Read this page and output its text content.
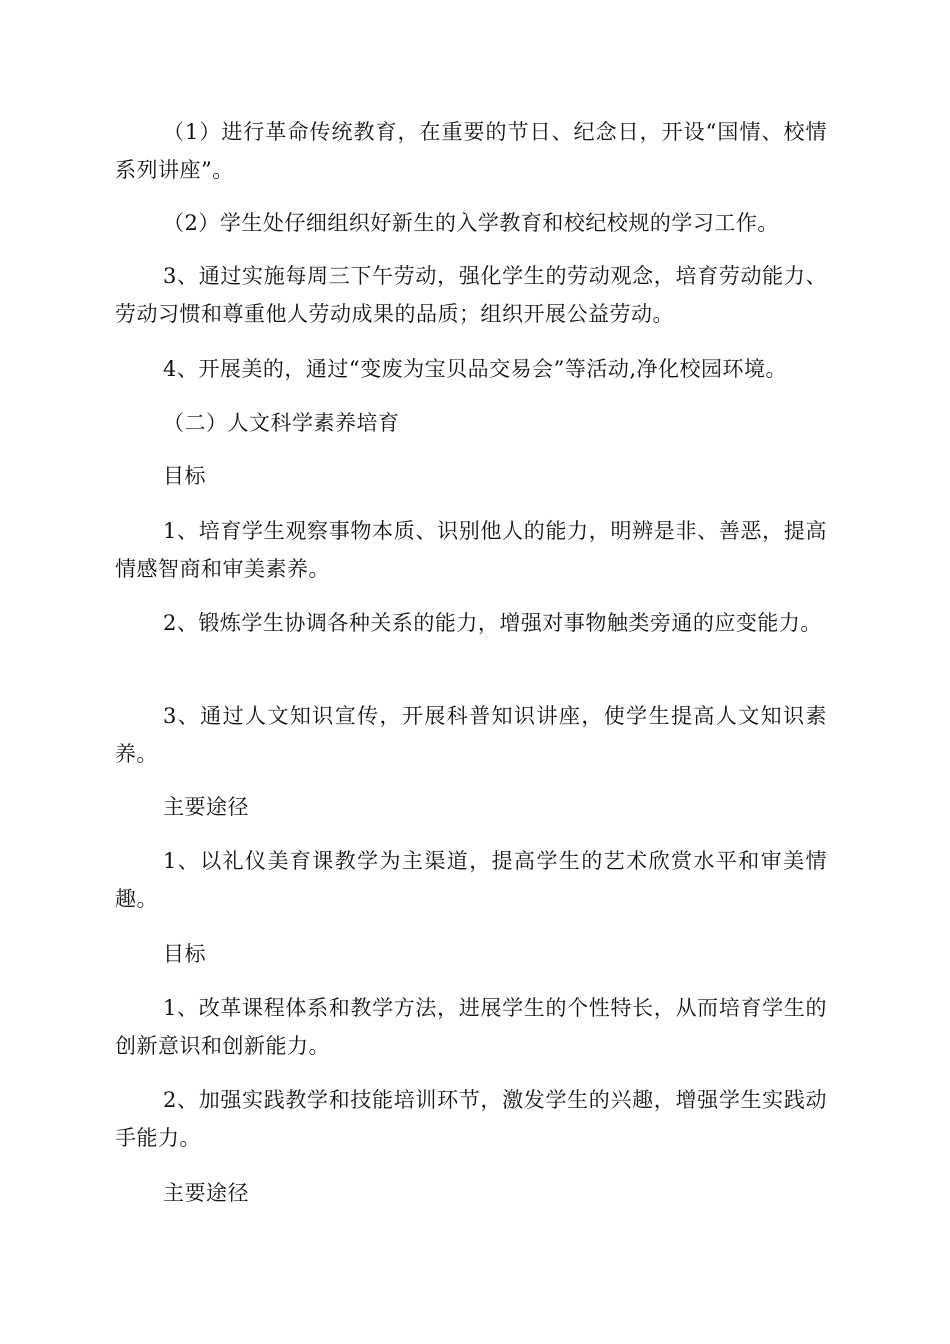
（1）进行革命传统教育，在重要的节日、纪念日，开设“国情、校情系列讲座”。

（2）学生处仔细组织好新生的入学教育和校纪校规的学习工作。

3、通过实施每周三下午劳动，强化学生的劳动观念，培育劳动能力、劳动习惯和尊重他人劳动成果的品质；组织开展公益劳动。

4、开展美的，通过“变废为宝贝品交易会”等活动,净化校园环境。

（二）人文科学素养培育

目标

1、培育学生观察事物本质、识别他人的能力，明辨是非、善恶，提高情感智商和审美素养。

2、锻炼学生协调各种关系的能力，增强对事物触类旁通的应变能力。

3、通过人文知识宣传，开展科普知识讲座，使学生提高人文知识素养。

主要途径

1、以礼仪美育课教学为主渠道，提高学生的艺术欣赏水平和审美情趣。

目标

1、改革课程体系和教学方法，进展学生的个性特长，从而培育学生的创新意识和创新能力。

2、加强实践教学和技能培训环节，激发学生的兴趣，增强学生实践动手能力。

主要途径
